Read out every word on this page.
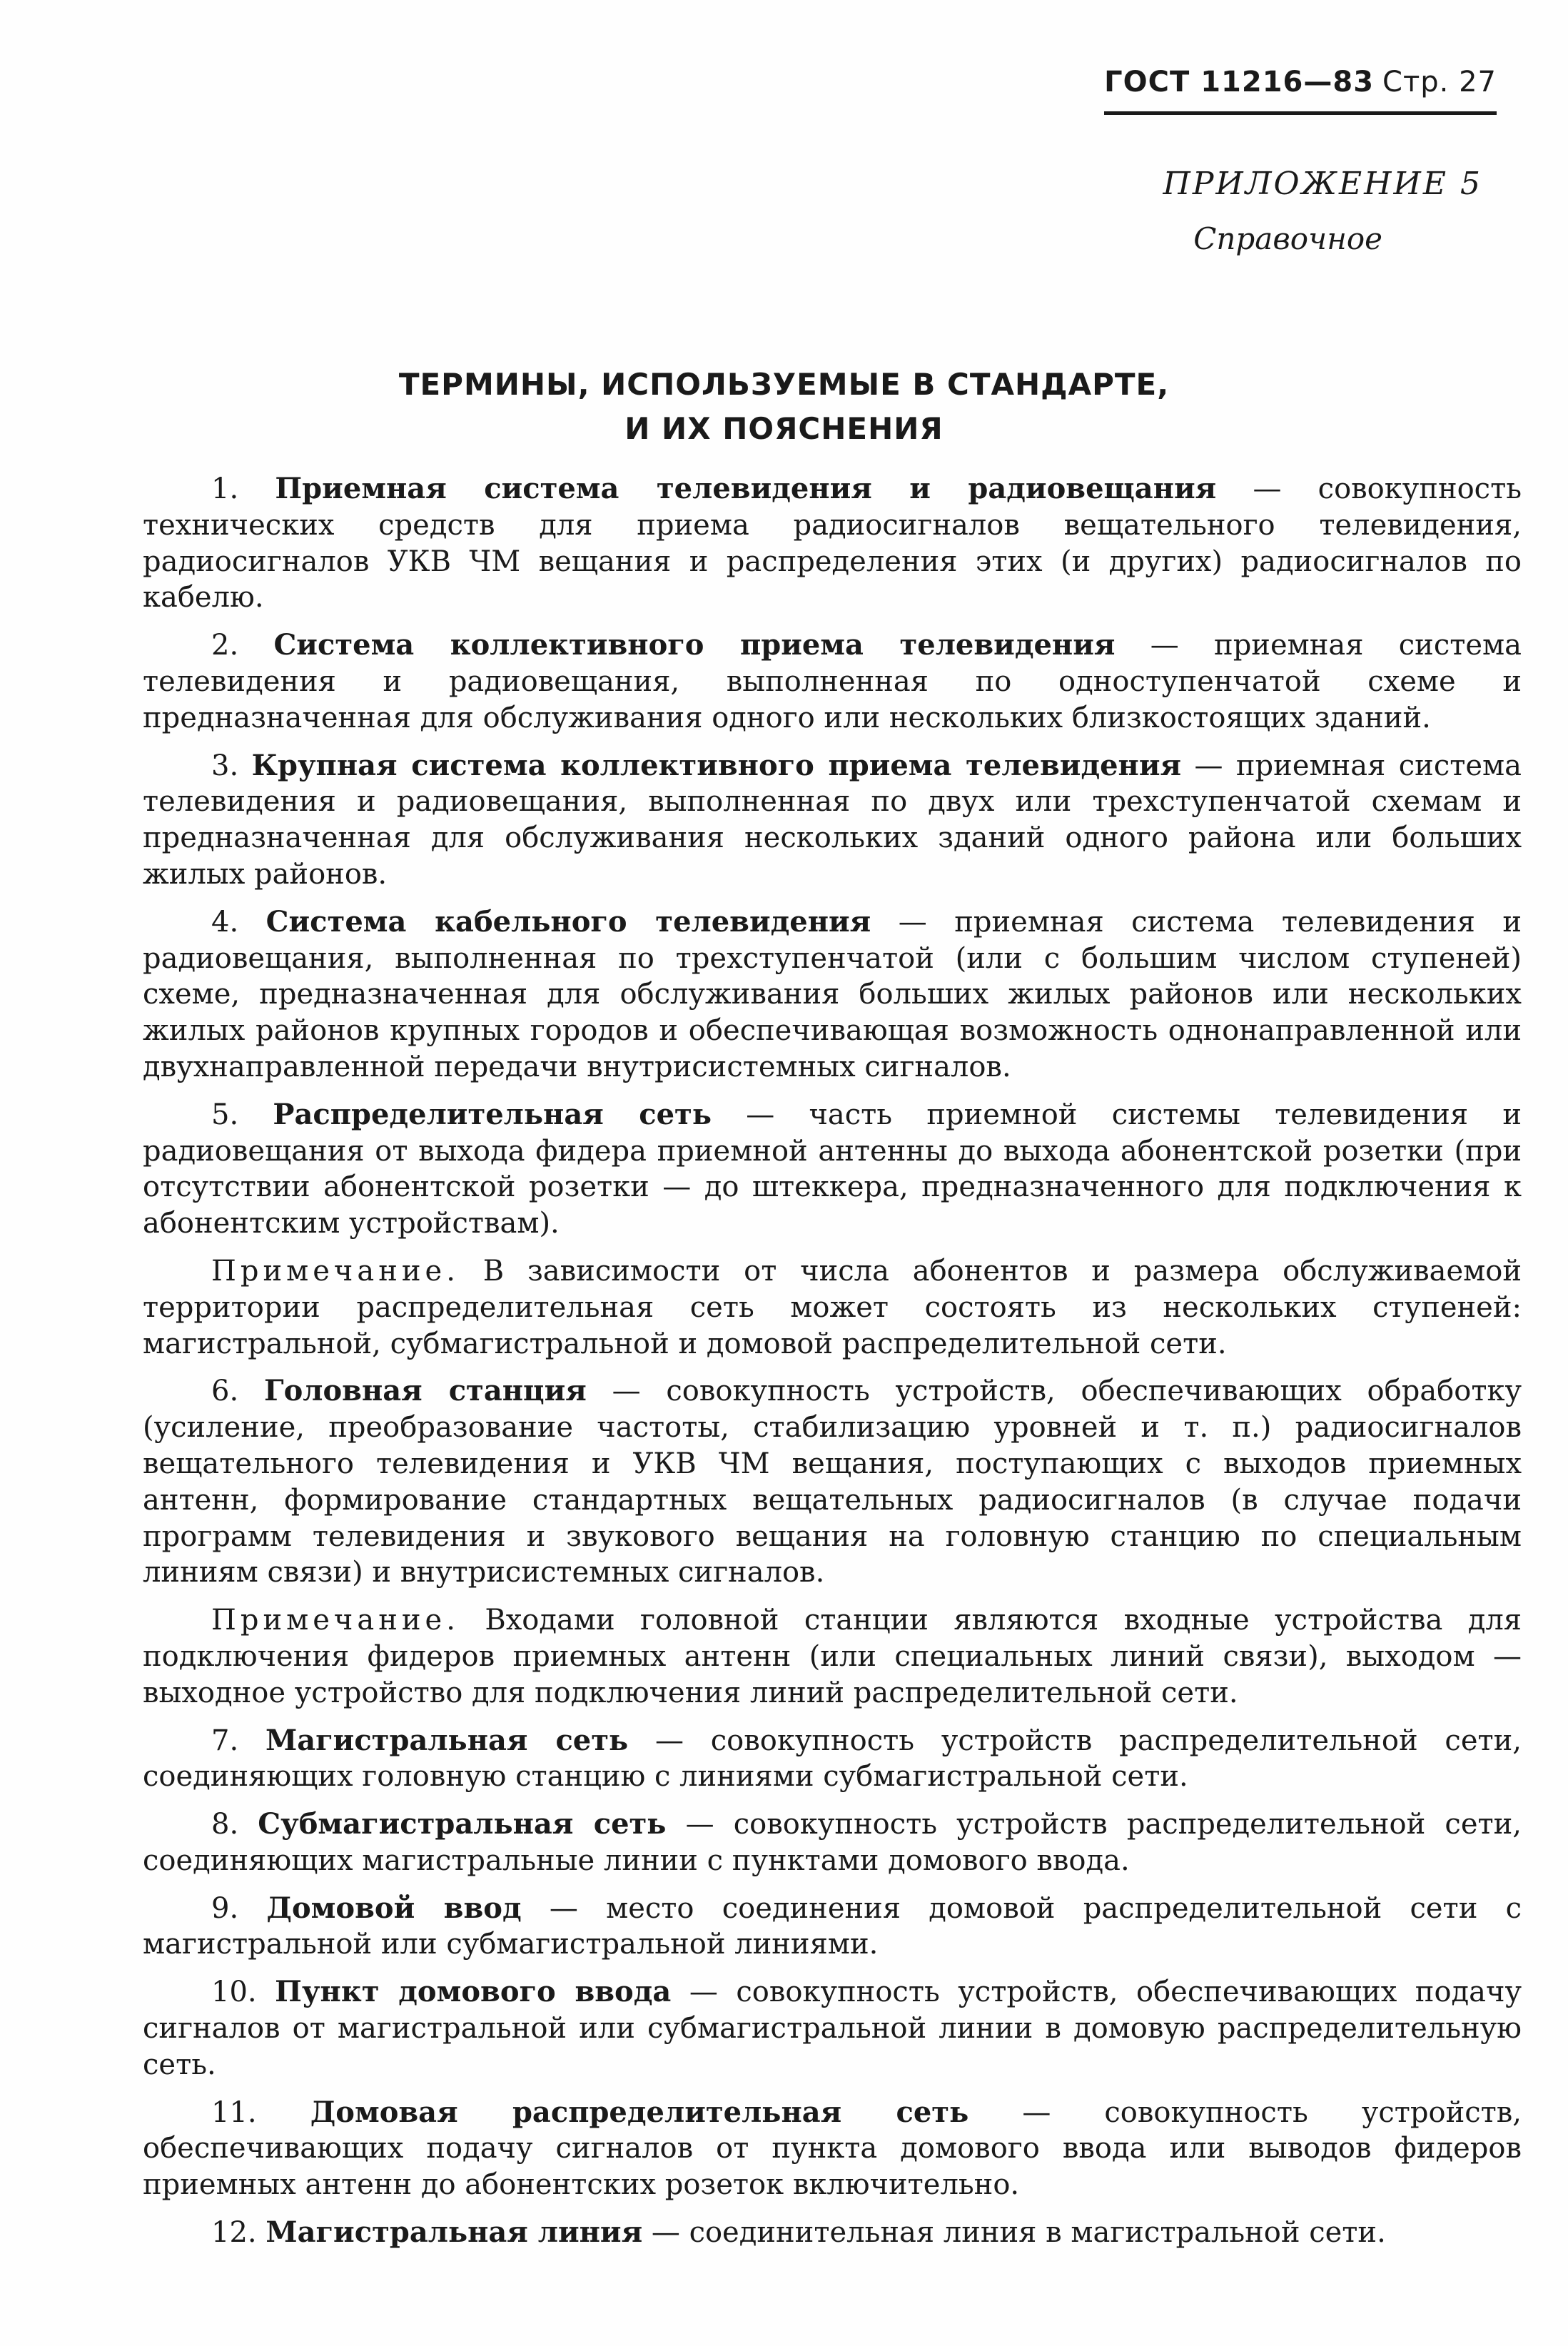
ГОСТ 11216—83 Стр. 27
ПРИЛОЖЕНИЕ 5
Справочное
ТЕРМИНЫ, ИСПОЛЬЗУЕМЫЕ В СТАНДАРТЕ,
И ИХ ПОЯСНЕНИЯ

1. Приемная система телевидения и радиовещания — совокупность технических средств для приема радиосигналов вещательного телевидения, радиосигналов УКВ ЧМ вещания и распределения этих (и других) радиосигналов по кабелю.

2. Система коллективного приема телевидения — приемная система телевидения и радиовещания, выполненная по одноступенчатой схеме и предназначенная для обслуживания одного или нескольких близкостоящих зданий.

3. Крупная система коллективного приема телевидения — приемная система телевидения и радиовещания, выполненная по двух или трехступенчатой схемам и предназначенная для обслуживания нескольких зданий одного района или больших жилых районов.

4. Система кабельного телевидения — приемная система телевидения и радиовещания, выполненная по трехступенчатой (или с большим числом ступеней) схеме, предназначенная для обслуживания больших жилых районов или нескольких жилых районов крупных городов и обеспечивающая возможность однонаправленной или двухнаправленной передачи внутрисистемных сигналов.

5. Распределительная сеть — часть приемной системы телевидения и радиовещания от выхода фидера приемной антенны до выхода абонентской розетки (при отсутствии абонентской розетки — до штеккера, предназначенного для подключения к абонентским устройствам).

Примечание. В зависимости от числа абонентов и размера обслуживаемой территории распределительная сеть может состоять из нескольких ступеней: магистральной, субмагистральной и домовой распределительной сети.

6. Головная станция — совокупность устройств, обеспечивающих обработку (усиление, преобразование частоты, стабилизацию уровней и т. п.) радиосигналов вещательного телевидения и УКВ ЧМ вещания, поступающих с выходов приемных антенн, формирование стандартных вещательных радиосигналов (в случае подачи программ телевидения и звукового вещания на головную станцию по специальным линиям связи) и внутрисистемных сигналов.

Примечание. Входами головной станции являются входные устройства для подключения фидеров приемных антенн (или специальных линий связи), выходом — выходное устройство для подключения линий распределительной сети.

7. Магистральная сеть — совокупность устройств распределительной сети, соединяющих головную станцию с линиями субмагистральной сети.

8. Субмагистральная сеть — совокупность устройств распределительной сети, соединяющих магистральные линии с пунктами домового ввода.

9. Домовой ввод — место соединения домовой распределительной сети с магистральной или субмагистральной линиями.

10. Пункт домового ввода — совокупность устройств, обеспечивающих подачу сигналов от магистральной или субмагистральной линии в домовую распределительную сеть.

11. Домовая распределительная сеть — совокупность устройств, обеспечивающих подачу сигналов от пункта домового ввода или выводов фидеров приемных антенн до абонентских розеток включительно.

12. Магистральная линия — соединительная линия в магистральной сети.
